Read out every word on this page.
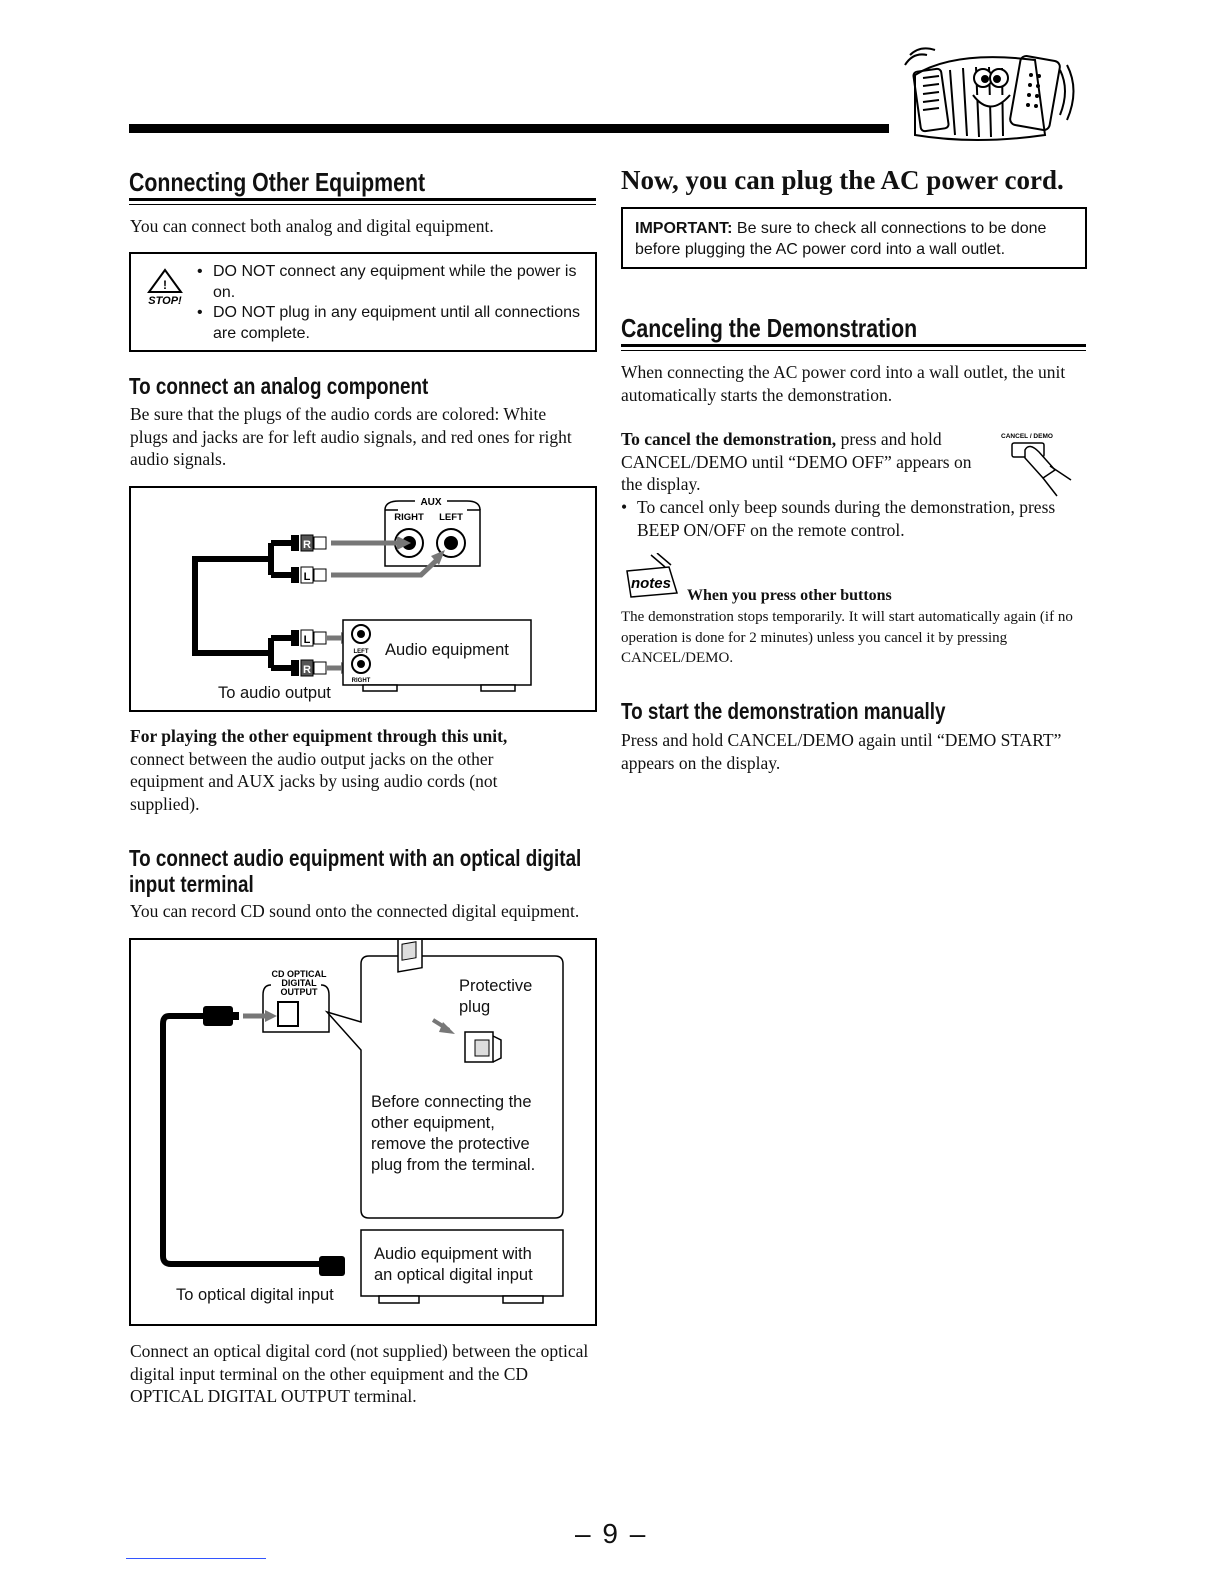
Connecting Other Equipment
You can connect both analog and digital equipment.
!
STOP!
• DO NOT connect any equipment while the power is on.
• DO NOT plug in any equipment until all connections are complete.
To connect an analog component
Be sure that the plugs of the audio cords are colored: White plugs and jacks are for left audio signals, and red ones for right audio signals.
AUX
RIGHT LEFT
R
L
L
R
LEFT
RIGHT
Audio equipment
To audio output
For playing the other equipment through this unit, connect between the audio output jacks on the other equipment and AUX jacks by using audio cords (not supplied).
To connect audio equipment with an optical digital input terminal
You can record CD sound onto the connected digital equipment.
CD OPTICAL
DIGITAL
OUTPUT	Protective plug
Before connecting the other equipment, remove the protective plug from the terminal.
Audio equipment with an optical digital input
To optical digital input
Connect an optical digital cord (not supplied) between the optical digital input terminal on the other equipment and the CD OPTICAL DIGITAL OUTPUT terminal.
Now, you can plug the AC power cord.
IMPORTANT: Be sure to check all connections to be done before plugging the AC power cord into a wall outlet.
Canceling the Demonstration
When connecting the AC power cord into a wall outlet, the unit automatically starts the demonstration.
To cancel the demonstration, press and hold CANCEL/DEMO until “DEMO OFF” appears on the display.
CANCEL / DEMO
• To cancel only beep sounds during the demonstration, press BEEP ON/OFF on the remote control.
notes
When you press other buttons
The demonstration stops temporarily. It will start automatically again (if no operation is done for 2 minutes) unless you cancel it by pressing CANCEL/DEMO.
To start the demonstration manually
Press and hold CANCEL/DEMO again until “DEMO START” appears on the display.
– 9 –
